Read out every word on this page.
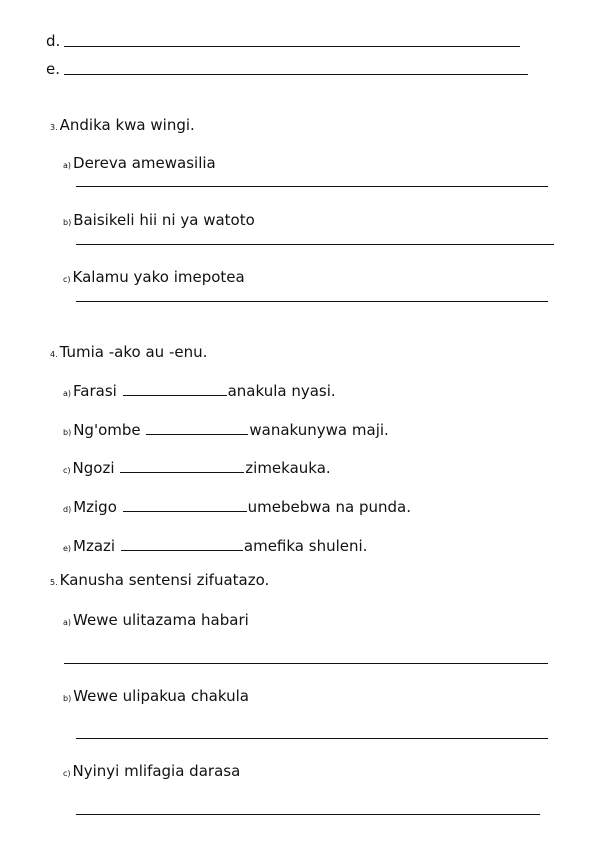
d.
e.
3. Andika kwa wingi.
a) Dereva amewasilia
b) Baisikeli hii ni ya watoto
c) Kalamu yako imepotea
4. Tumia -ako au -enu.
a) Farasi	anakula nyasi.
b) Ng'ombe	wanakunywa maji.
c) Ngozi	zimekauka.
d) Mzigo	umebebwa na punda.
e) Mzazi	amefika shuleni.
5. Kanusha sentensi zifuatazo.
a) Wewe ulitazama habari
b) Wewe ulipakua chakula
c) Nyinyi mlifagia darasa
